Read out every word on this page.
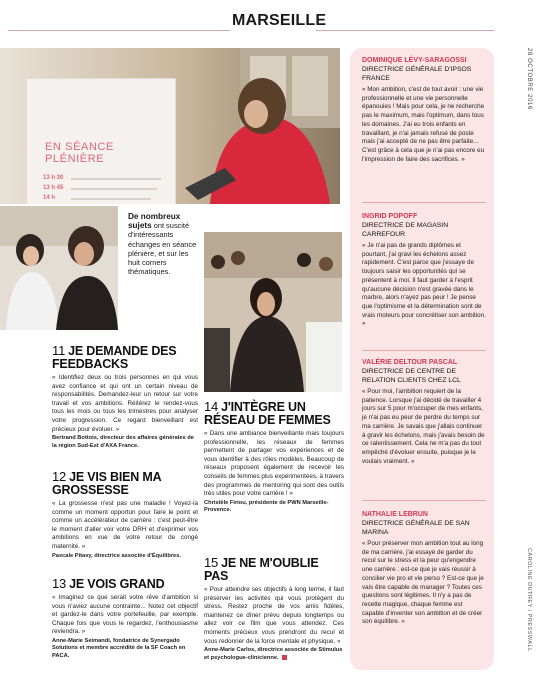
MARSEILLE
28 OCTOBRE 2016
EN SÉANCE PLÉNIÈRE
13 h 30
13 h 45
14 h
De nombreux sujets ont suscité d'intéressants échanges en séance plénière, et sur les huit corners thématiques.
11 JE DEMANDE DES FEEDBACKS
« Identifiez deux ou trois personnes en qui vous avez confiance et qui ont un certain niveau de responsabilités. Demandez-leur un retour sur votre travail et vos ambitions. Réitérez le rendez-vous tous les mois ou tous les trimestres pour analyser votre progression. Ce regard bienveillant est précieux pour évoluer. »
Bertrand Bottois, directeur des affaires générales de la région Sud-Est d'AXA France.
12 JE VIS BIEN MA GROSSESSE
« La grossesse n'est pas une maladie ! Voyez-la comme un moment opportun pour faire le point et comme un accélérateur de carrière : c'est peut-être le moment d'aller voir votre DRH et d'exprimer vos ambitions en vue de votre retour de congé maternité. »
Pascale Pitavy, directrice associée d'Équilibres.
13 JE VOIS GRAND
« Imaginez ce que serait votre rêve d'ambition si vous n'aviez aucune contrainte... Notez cet objectif et gardez-le dans votre portefeuille, par exemple. Chaque fois que vous le regardez, l'enthousiasme reviendra. »
Anne-Marie Seimandi, fondatrice de Synergado Solutions et membre accrédité de la SF Coach en PACA.
14 J'INTÈGRE UN RÉSEAU DE FEMMES
« Dans une ambiance bienveillante mais toujours professionnelle, les réseaux de femmes permettent de partager vos expériences et de vous identifier à des rôles modèles. Beaucoup de réseaux proposent également de recevoir les conseils de femmes plus expérimentées, à travers des programmes de mentoring qui sont des outils très utiles pour votre carrière ! »
Christèle Firiou, présidente de PWN Marseille-Provence.
15 JE NE M'OUBLIE PAS
« Pour atteindre ses objectifs à long terme, il faut préserver les activités qui vous protègent du stress. Restez proche de vos amis fidèles, maintenez ce dîner prévu depuis longtemps ou allez voir ce film que vous attendez. Ces moments précieux vous prendront du recul et vous redonner de la force mentale et physique. »
Anne-Marie Carlos, directrice associée de Stimulus et psychologue-clinicienne.
DOMINIQUE LÉVY-SARAGOSSI
DIRECTRICE GÉNÉRALE D'IPSOS FRANCE
« Mon ambition, c'est de tout avoir : une vie professionnelle et une vie personnelle épanouies ! Mais pour cela, je ne recherche pas le maximum, mais l'optimum, dans tous les domaines. J'ai eu trois enfants en travaillant, je n'ai jamais refusé de poste mais j'ai accepté de ne pas être parfaite... C'est grâce à cela que je n'ai pas encore eu l'impression de faire des sacrifices. »
INGRID POPOFF
DIRECTRICE DE MAGASIN CARREFOUR
« Je n'ai pas de grands diplômes et pourtant, j'ai gravi les échelons assez rapidement. C'est parce que j'essaye de toujours saisir les opportunités qui se présentent à moi. Il faut garder à l'esprit qu'aucune décision n'est gravée dans le marbre, alors n'ayez pas peur ! Je pense que l'optimisme et la détermination sont de vrais moteurs pour concrétiser son ambition. »
VALÉRIE DELTOUR PASCAL
DIRECTRICE DE CENTRE DE RELATION CLIENTS CHEZ LCL
« Pour moi, l'ambition requiert de la patience. Lorsque j'ai décidé de travailler 4 jours sur 5 pour m'occuper de mes enfants, je n'ai pas eu peur de perdre du temps sur ma carrière. Je savais que j'allais continuer à gravir les échelons, mais j'avais besoin de ce ralentissement. Cela ne m'a pas du tout empêché d'évoluer ensuite, puisque je le voulais vraiment. »
NATHALIE LEBRUN
DIRECTRICE GÉNÉRALE DE SAN MARINA
« Pour préserver mon ambition tout au long de ma carrière, j'ai essayé de garder du recul sur le stress et la peur qu'engendre une carrière : est-ce que je vais réussir à concilier vie pro et vie perso ? Est-ce que je vais être capable de manager ? Toutes ces questions sont légitimes. Il n'y a pas de recette magique, chaque femme est capable d'inventer son ambition et de créer son équilibre. »	CAROLINE DUTREY / PRESSWALL
